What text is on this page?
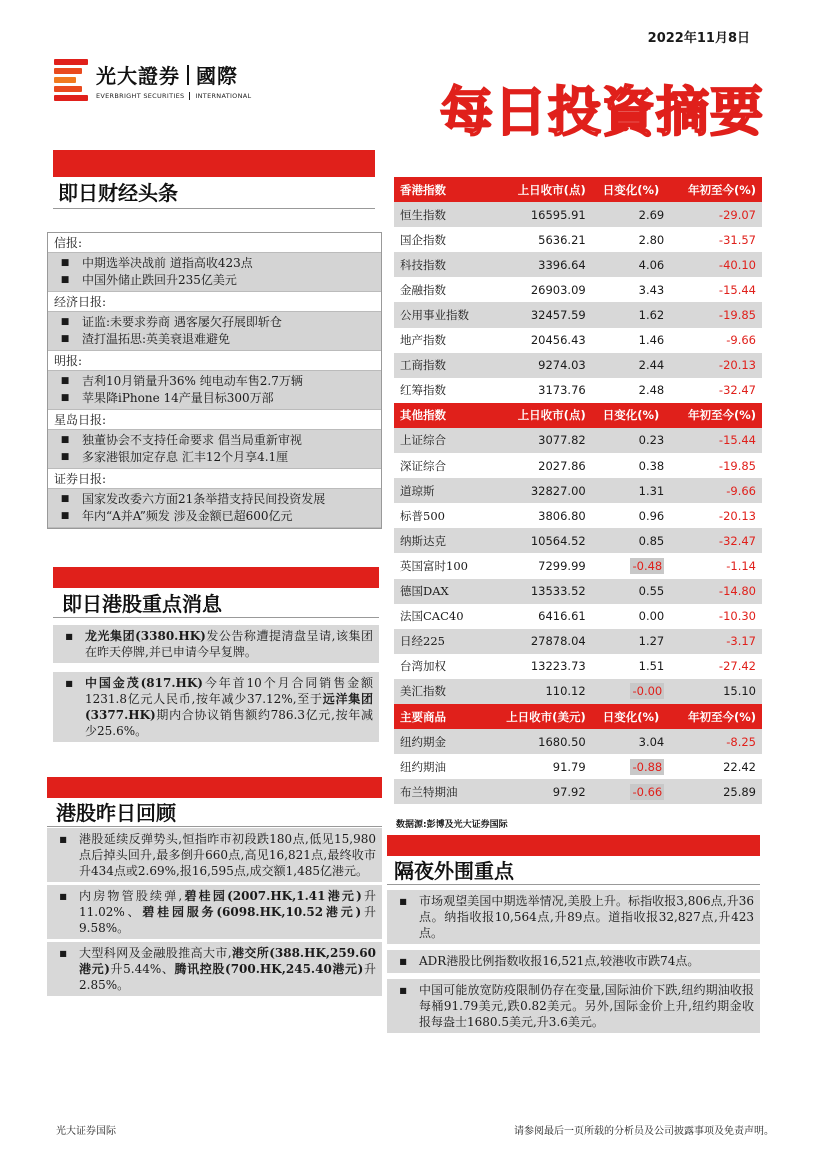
2022年11月8日
光大證券 國際
EVERBRIGHT SECURITIES INTERNATIONAL	每日投資摘要
即日财经头条
信报:
■	中期选举决战前 道指高收423点
■	中国外储止跌回升235亿美元
经济日报:
■	证监:未要求券商 遇客屡欠孖展即斩仓
■	渣打温拓思:英美衰退难避免
明报:
■	吉利10月销量升36% 纯电动车售2.7万辆
■	苹果降iPhone 14产量目标300万部
星岛日报:
■	独董协会不支持任命要求 倡当局重新审视
■	多家港银加定存息 汇丰12个月享4.1厘
证券日报:
■	国家发改委六方面21条举措支持民间投资发展
■	年内“A并A”频发 涉及金额已超600亿元
即日港股重点消息
■	龙光集团(3380.HK)发公告称遭提清盘呈请,该集团在昨天停牌,并已申请今早复牌。
■	中国金茂(817.HK)今年首10个月合同销售金额1231.8亿元人民币,按年减少37.12%,至于远洋集团(3377.HK)期内合协议销售额约786.3亿元,按年减少25.6%。
港股昨日回顾
■	港股延续反弹势头,恒指昨市初段跌180点,低见15,980点后掉头回升,最多倒升660点,高见16,821点,最终收市升434点或2.69%,报16,595点,成交额1,485亿港元。
■	内房物管股续弹,碧桂园(2007.HK,1.41港元)升11.02%、碧桂园服务(6098.HK,10.52港元)升9.58%。
■	大型科网及金融股推高大市,港交所(388.HK,259.60港元)升5.44%、腾讯控股(700.HK,245.40港元)升2.85%。
香港指数	上日收市(点)	日变化(%)	年初至今(%)
恒生指数	16595.91	2.69	-29.07
国企指数	5636.21	2.80	-31.57
科技指数	3396.64	4.06	-40.10
金融指数	26903.09	3.43	-15.44
公用事业指数	32457.59	1.62	-19.85
地产指数	20456.43	1.46	-9.66
工商指数	9274.03	2.44	-20.13
红筹指数	3173.76	2.48	-32.47
其他指数	上日收市(点)	日变化(%)	年初至今(%)
上证综合	3077.82	0.23	-15.44
深证综合	2027.86	0.38	-19.85
道琼斯	32827.00	1.31	-9.66
标普500	3806.80	0.96	-20.13
纳斯达克	10564.52	0.85	-32.47
英国富时100	7299.99	-0.48	-1.14
德国DAX	13533.52	0.55	-14.80
法国CAC40	6416.61	0.00	-10.30
日经225	27878.04	1.27	-3.17
台湾加权	13223.73	1.51	-27.42
美汇指数	110.12	-0.00	15.10
主要商品	上日收市(美元)	日变化(%)	年初至今(%)
纽约期金	1680.50	3.04	-8.25
纽约期油	91.79	-0.88	22.42
布兰特期油	97.92	-0.66	25.89
数据源:彭博及光大证券国际
隔夜外围重点
■	市场观望美国中期选举情况,美股上升。标指收报3,806点,升36点。纳指收报10,564点,升89点。道指收报32,827点,升423点。
■	ADR港股比例指数收报16,521点,较港收市跌74点。
■	中国可能放宽防疫限制仍存在变量,国际油价下跌,纽约期油收报每桶91.79美元,跌0.82美元。另外,国际金价上升,纽约期金收报每盎士1680.5美元,升3.6美元。
光大证券国际	请参阅最后一页所载的分析员及公司披露事项及免责声明。
